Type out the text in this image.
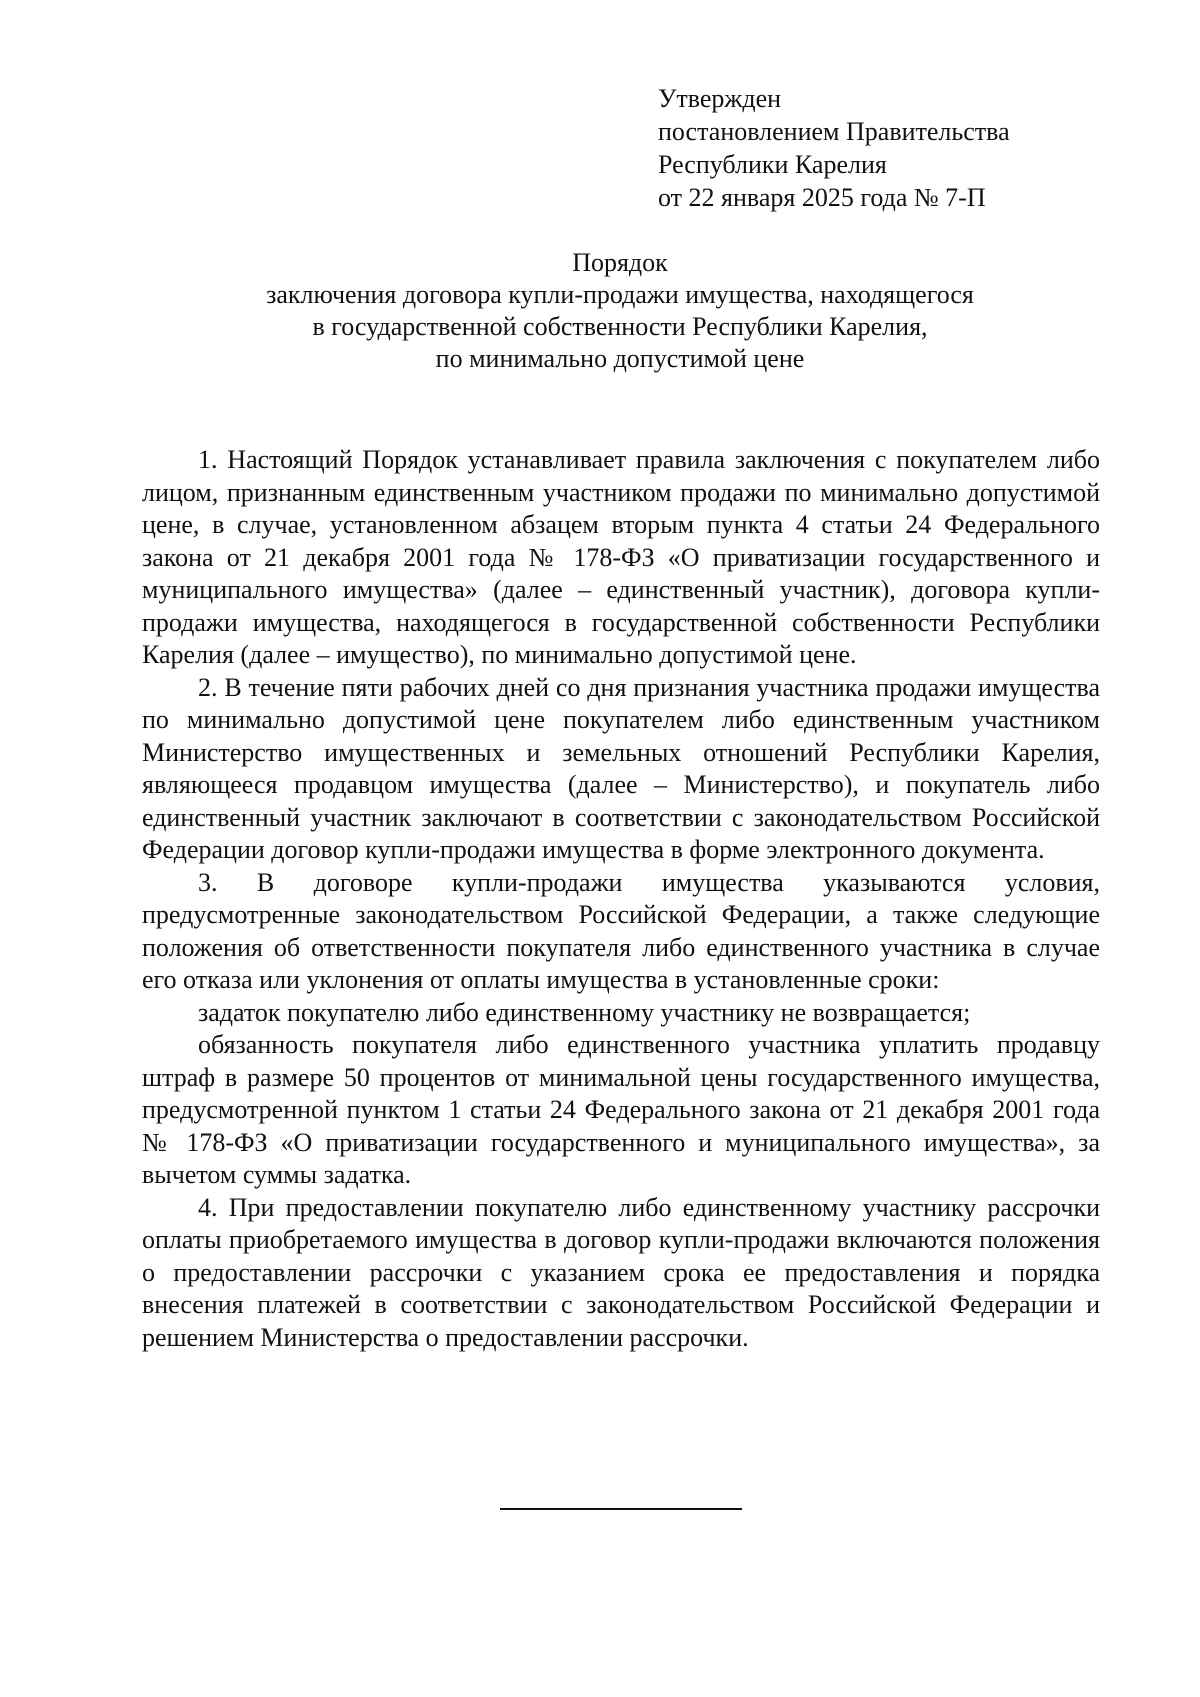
Утвержден
постановлением Правительства
Республики Карелия
от 22 января 2025 года № 7-П
Порядок
заключения договора купли-продажи имущества, находящегося
в государственной собственности Республики Карелия,
по минимально допустимой цене

1. Настоящий Порядок устанавливает правила заключения с покупателем либо лицом, признанным единственным участником продажи по минимально допустимой цене, в случае, установленном абзацем вторым пункта 4 статьи 24 Федерального закона от 21 декабря 2001 года № 178-ФЗ «О приватизации государственного и муниципального имущества» (далее – единственный участник), договора купли-продажи имущества, находящегося в государственной собственности Республики Карелия (далее – имущество), по минимально допустимой цене.

2. В течение пяти рабочих дней со дня признания участника продажи имущества по минимально допустимой цене покупателем либо единственным участником Министерство имущественных и земельных отношений Республики Карелия, являющееся продавцом имущества (далее – Министерство), и покупатель либо единственный участник заключают в соответствии с законодательством Российской Федерации договор купли-продажи имущества в форме электронного документа.

3. В договоре купли-продажи имущества указываются условия, предусмотренные законодательством Российской Федерации, а также следующие положения об ответственности покупателя либо единственного участника в случае его отказа или уклонения от оплаты имущества в установленные сроки:

задаток покупателю либо единственному участнику не возвращается;

обязанность покупателя либо единственного участника уплатить продавцу штраф в размере 50 процентов от минимальной цены государственного имущества, предусмотренной пунктом 1 статьи 24 Федерального закона от 21 декабря 2001 года № 178-ФЗ «О приватизации государственного и муниципального имущества», за вычетом суммы задатка.

4. При предоставлении покупателю либо единственному участнику рассрочки оплаты приобретаемого имущества в договор купли-продажи включаются положения о предоставлении рассрочки с указанием срока ее предоставления и порядка внесения платежей в соответствии с законодательством Российской Федерации и решением Министерства о предоставлении рассрочки.
